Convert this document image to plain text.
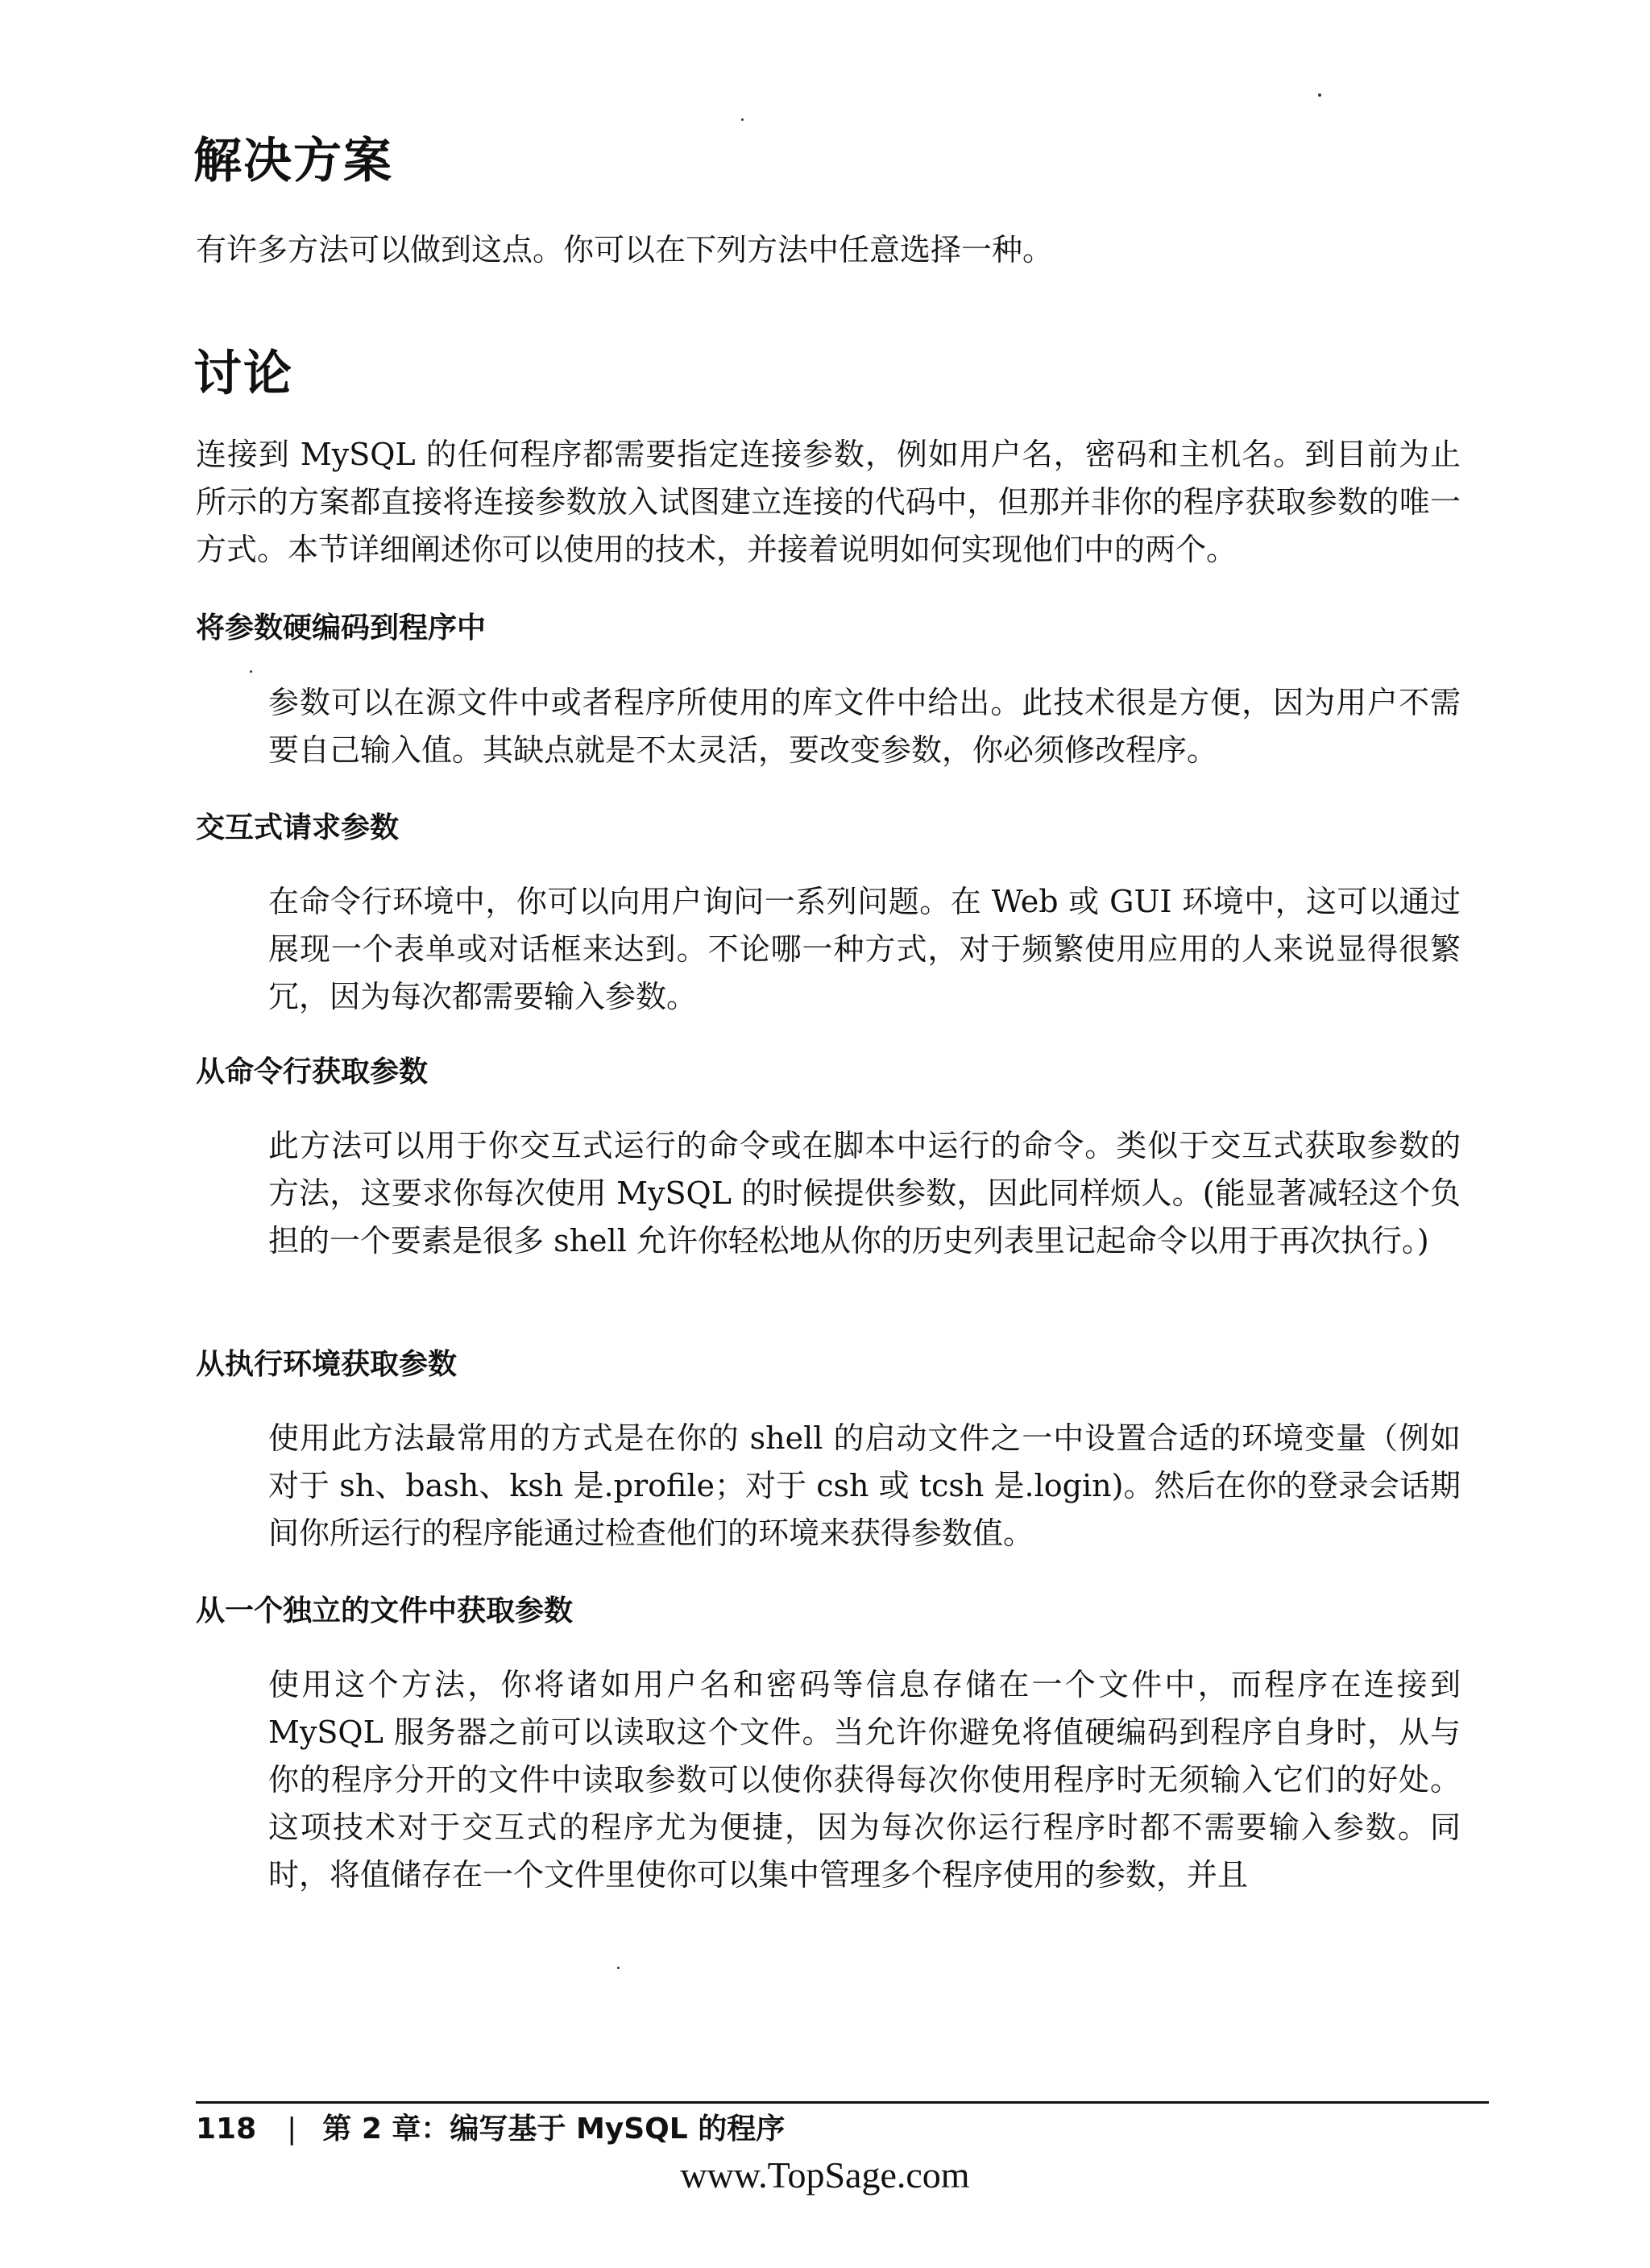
解决方案
有许多方法可以做到这点。你可以在下列方法中任意选择一种。
讨论
连接到 MySQL 的任何程序都需要指定连接参数，例如用户名，密码和主机名。到目前为止所示的方案都直接将连接参数放入试图建立连接的代码中，但那并非你的程序获取参数的唯一方式。本节详细阐述你可以使用的技术，并接着说明如何实现他们中的两个。
将参数硬编码到程序中
参数可以在源文件中或者程序所使用的库文件中给出。此技术很是方便，因为用户不需要自己输入值。其缺点就是不太灵活，要改变参数，你必须修改程序。
交互式请求参数
在命令行环境中，你可以向用户询问一系列问题。在 Web 或 GUI 环境中，这可以通过展现一个表单或对话框来达到。不论哪一种方式，对于频繁使用应用的人来说显得很繁冗，因为每次都需要输入参数。
从命令行获取参数
此方法可以用于你交互式运行的命令或在脚本中运行的命令。类似于交互式获取参数的方法，这要求你每次使用 MySQL 的时候提供参数，因此同样烦人。(能显著减轻这个负担的一个要素是很多 shell 允许你轻松地从你的历史列表里记起命令以用于再次执行。)
从执行环境获取参数
使用此方法最常用的方式是在你的 shell 的启动文件之一中设置合适的环境变量（例如对于 sh、bash、ksh 是.profile；对于 csh 或 tcsh 是.login)。然后在你的登录会话期间你所运行的程序能通过检查他们的环境来获得参数值。
从一个独立的文件中获取参数
使用这个方法，你将诸如用户名和密码等信息存储在一个文件中，而程序在连接到 MySQL 服务器之前可以读取这个文件。当允许你避免将值硬编码到程序自身时，从与你的程序分开的文件中读取参数可以使你获得每次你使用程序时无须输入它们的好处。这项技术对于交互式的程序尤为便捷，因为每次你运行程序时都不需要输入参数。同时，将值储存在一个文件里使你可以集中管理多个程序使用的参数，并且
118 | 第 2 章：编写基于 MySQL 的程序
www.TopSage.com
